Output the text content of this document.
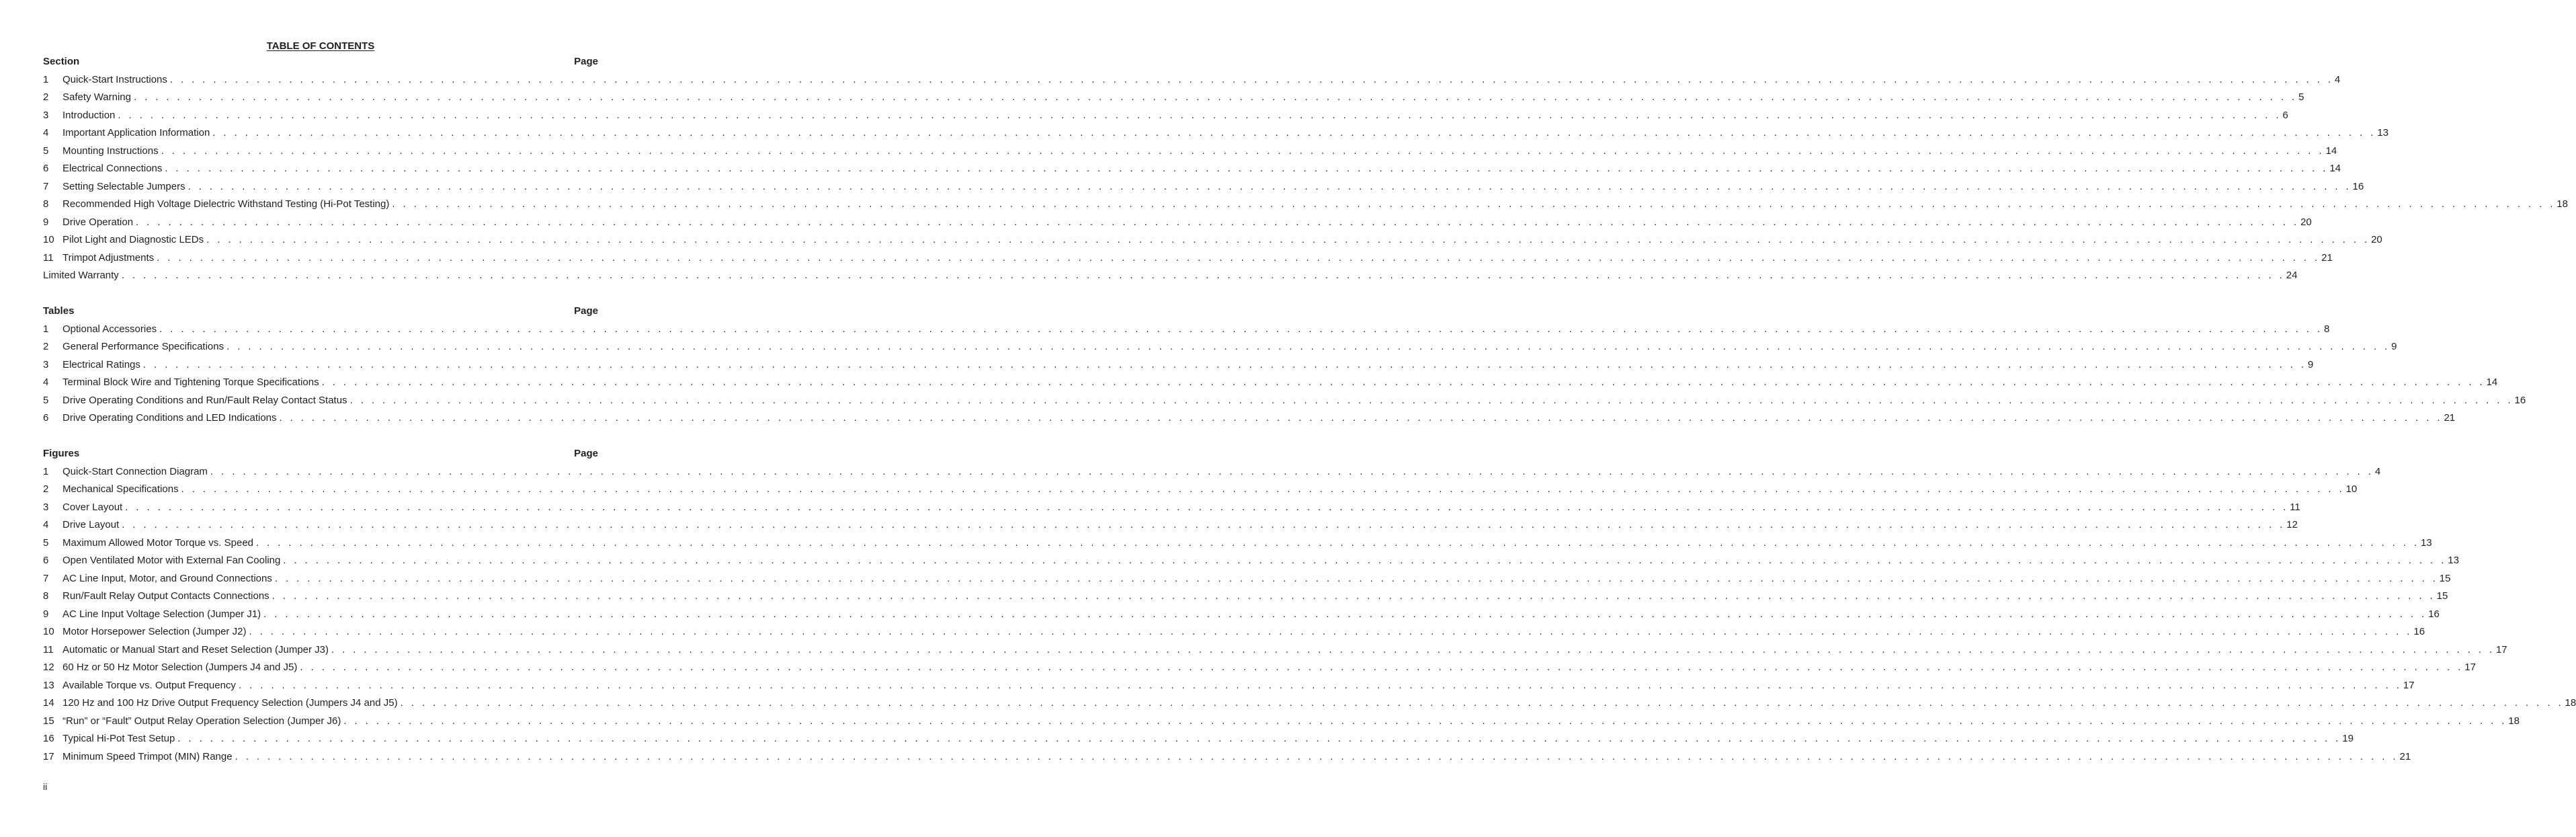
TABLE OF CONTENTS
Section	Page
1	Quick-Start Instructions . . . . . . . . . . . . . . . . . . . . . . . . . . . . . . . . . . . . . . . . . . . . . . . . . . . . . . . . . . . . . . . . . . . . . . . . . . . . . . . . . . . . . . . . . . . . . . . . . . . . . . . . . . . . . . . . . . . . . . . . . . . . . . . . . . . . . . . . . . . . . . . . . . . . . . . . . . . . . . . . . . . . . . . . . . . . . . . . . . . . . . . . . . . . . . . . . . . . . . . . 4
2	Safety Warning . . . . . . . . . . . . . . . . . . . . . . . . . . . . . . . . . . . . . . . . . . . . . . . . . . . . . . . . . . . . . . . . . . . . . . . . . . . . . . . . . . . . . . . . . . . . . . . . . . . . . . . . . . . . . . . . . . . . . . . . . . . . . . . . . . . . . . . . . . . . . . . . . . . . . . . . . . . . . . . . . . . . . . . . . . . . . . . . . . . . . . . . . . . . . . . . . . . . . . . . 5
3	Introduction . . . . . . . . . . . . . . . . . . . . . . . . . . . . . . . . . . . . . . . . . . . . . . . . . . . . . . . . . . . . . . . . . . . . . . . . . . . . . . . . . . . . . . . . . . . . . . . . . . . . . . . . . . . . . . . . . . . . . . . . . . . . . . . . . . . . . . . . . . . . . . . . . . . . . . . . . . . . . . . . . . . . . . . . . . . . . . . . . . . . . . . . . . . . . . . . . . . . . . . . 6
4	Important Application Information . . . . . . . . . . . . . . . . . . . . . . . . . . . . . . . . . . . . . . . . . . . . . . . . . . . . . . . . . . . . . . . . . . . . . . . . . . . . . . . . . . . . . . . . . . . . . . . . . . . . . . . . . . . . . . . . . . . . . . . . . . . . . . . . . . . . . . . . . . . . . . . . . . . . . . . . . . . . . . . . . . . . . . . . . . . . . . . . . . . . . . . . . . . . . . . . . . . . . . . . 13
5	Mounting Instructions . . . . . . . . . . . . . . . . . . . . . . . . . . . . . . . . . . . . . . . . . . . . . . . . . . . . . . . . . . . . . . . . . . . . . . . . . . . . . . . . . . . . . . . . . . . . . . . . . . . . . . . . . . . . . . . . . . . . . . . . . . . . . . . . . . . . . . . . . . . . . . . . . . . . . . . . . . . . . . . . . . . . . . . . . . . . . . . . . . . . . . . . . . . . . . . . . . . . . . . . 14
6	Electrical Connections . . . . . . . . . . . . . . . . . . . . . . . . . . . . . . . . . . . . . . . . . . . . . . . . . . . . . . . . . . . . . . . . . . . . . . . . . . . . . . . . . . . . . . . . . . . . . . . . . . . . . . . . . . . . . . . . . . . . . . . . . . . . . . . . . . . . . . . . . . . . . . . . . . . . . . . . . . . . . . . . . . . . . . . . . . . . . . . . . . . . . . . . . . . . . . . . . . . . . . . . 14
7	Setting Selectable Jumpers . . . . . . . . . . . . . . . . . . . . . . . . . . . . . . . . . . . . . . . . . . . . . . . . . . . . . . . . . . . . . . . . . . . . . . . . . . . . . . . . . . . . . . . . . . . . . . . . . . . . . . . . . . . . . . . . . . . . . . . . . . . . . . . . . . . . . . . . . . . . . . . . . . . . . . . . . . . . . . . . . . . . . . . . . . . . . . . . . . . . . . . . . . . . . . . . . . . . . . . . 16
8	Recommended High Voltage Dielectric Withstand Testing (Hi-Pot Testing) . . . . . . . . . . . . . . . . . . . . . . . . . . . . . . . . . . . . . . . . . . . . . . . . . . . . . . . . . . . . . . . . . . . . . . . . . . . . . . . . . . . . . . . . . . . . . . . . . . . . . . . . . . . . . . . . . . . . . . . . . . . . . . . . . . . . . . . . . . . . . . . . . . . . . . . . . . . . . . . . . . . . . . . . . . . . . . . . . . . . . . . . . . . . . . . . . . . . . . . . 18
9	Drive Operation . . . . . . . . . . . . . . . . . . . . . . . . . . . . . . . . . . . . . . . . . . . . . . . . . . . . . . . . . . . . . . . . . . . . . . . . . . . . . . . . . . . . . . . . . . . . . . . . . . . . . . . . . . . . . . . . . . . . . . . . . . . . . . . . . . . . . . . . . . . . . . . . . . . . . . . . . . . . . . . . . . . . . . . . . . . . . . . . . . . . . . . . . . . . . . . . . . . . . . . . 20
10 Pilot Light and Diagnostic LEDs . . . . . . . . . . . . . . . . . . . . . . . . . . . . . . . . . . . . . . . . . . . . . . . . . . . . . . . . . . . . . . . . . . . . . . . . . . . . . . . . . . . . . . . . . . . . . . . . . . . . . . . . . . . . . . . . . . . . . . . . . . . . . . . . . . . . . . . . . . . . . . . . . . . . . . . . . . . . . . . . . . . . . . . . . . . . . . . . . . . . . . . . . . . . . . . . . . . . . . . . 20
11 Trimpot Adjustments . . . . . . . . . . . . . . . . . . . . . . . . . . . . . . . . . . . . . . . . . . . . . . . . . . . . . . . . . . . . . . . . . . . . . . . . . . . . . . . . . . . . . . . . . . . . . . . . . . . . . . . . . . . . . . . . . . . . . . . . . . . . . . . . . . . . . . . . . . . . . . . . . . . . . . . . . . . . . . . . . . . . . . . . . . . . . . . . . . . . . . . . . . . . . . . . . . . . . . . . 21
Limited Warranty . . . . . . . . . . . . . . . . . . . . . . . . . . . . . . . . . . . . . . . . . . . . . . . . . . . . . . . . . . . . . . . . . . . . . . . . . . . . . . . . . . . . . . . . . . . . . . . . . . . . . . . . . . . . . . . . . . . . . . . . . . . . . . . . . . . . . . . . . . . . . . . . . . . . . . . . . . . . . . . . . . . . . . . . . . . . . . . . . . . . . . . . . . . . . . . . . . . . . . . . 24
Tables	Page
1	Optional Accessories . . . . . . . . . . . . . . . . . . . . . . . . . . . . . . . . . . . . . . . . . . . . . . . . . . . . . . . . . . . . . . . . . . . . . . . . . . . . . . . . . . . . . . . . . . . . . . . . . . . . . . . . . . . . . . . . . . . . . . . . . . . . . . . . . . . . . . . . . . . . . . . . . . . . . . . . . . . . . . . . . . . . . . . . . . . . . . . . . . . . . . . . . . . . . . . . . . . . . . . . 8
2	General Performance Specifications . . . . . . . . . . . . . . . . . . . . . . . . . . . . . . . . . . . . . . . . . . . . . . . . . . . . . . . . . . . . . . . . . . . . . . . . . . . . . . . . . . . . . . . . . . . . . . . . . . . . . . . . . . . . . . . . . . . . . . . . . . . . . . . . . . . . . . . . . . . . . . . . . . . . . . . . . . . . . . . . . . . . . . . . . . . . . . . . . . . . . . . . . . . . . . . . . . . . . . . . 9
3	Electrical Ratings . . . . . . . . . . . . . . . . . . . . . . . . . . . . . . . . . . . . . . . . . . . . . . . . . . . . . . . . . . . . . . . . . . . . . . . . . . . . . . . . . . . . . . . . . . . . . . . . . . . . . . . . . . . . . . . . . . . . . . . . . . . . . . . . . . . . . . . . . . . . . . . . . . . . . . . . . . . . . . . . . . . . . . . . . . . . . . . . . . . . . . . . . . . . . . . . . . . . . . . . 9
4	Terminal Block Wire and Tightening Torque Specifications . . . . . . . . . . . . . . . . . . . . . . . . . . . . . . . . . . . . . . . . . . . . . . . . . . . . . . . . . . . . . . . . . . . . . . . . . . . . . . . . . . . . . . . . . . . . . . . . . . . . . . . . . . . . . . . . . . . . . . . . . . . . . . . . . . . . . . . . . . . . . . . . . . . . . . . . . . . . . . . . . . . . . . . . . . . . . . . . . . . . . . . . . . . . . . . . . . . . . . . . 14
5	Drive Operating Conditions and Run/Fault Relay Contact Status . . . . . . . . . . . . . . . . . . . . . . . . . . . . . . . . . . . . . . . . . . . . . . . . . . . . . . . . . . . . . . . . . . . . . . . . . . . . . . . . . . . . . . . . . . . . . . . . . . . . . . . . . . . . . . . . . . . . . . . . . . . . . . . . . . . . . . . . . . . . . . . . . . . . . . . . . . . . . . . . . . . . . . . . . . . . . . . . . . . . . . . . . . . . . . . . . . . . . . . . 16
6	Drive Operating Conditions and LED Indications . . . . . . . . . . . . . . . . . . . . . . . . . . . . . . . . . . . . . . . . . . . . . . . . . . . . . . . . . . . . . . . . . . . . . . . . . . . . . . . . . . . . . . . . . . . . . . . . . . . . . . . . . . . . . . . . . . . . . . . . . . . . . . . . . . . . . . . . . . . . . . . . . . . . . . . . . . . . . . . . . . . . . . . . . . . . . . . . . . . . . . . . . . . . . . . . . . . . . . . . 21
Figures	Page
1	Quick-Start Connection Diagram . . . . . . . . . . . . . . . . . . . . . . . . . . . . . . . . . . . . . . . . . . . . . . . . . . . . . . . . . . . . . . . . . . . . . . . . . . . . . . . . . . . . . . . . . . . . . . . . . . . . . . . . . . . . . . . . . . . . . . . . . . . . . . . . . . . . . . . . . . . . . . . . . . . . . . . . . . . . . . . . . . . . . . . . . . . . . . . . . . . . . . . . . . . . . . . . . . . . . . . . 4
2	Mechanical Specifications . . . . . . . . . . . . . . . . . . . . . . . . . . . . . . . . . . . . . . . . . . . . . . . . . . . . . . . . . . . . . . . . . . . . . . . . . . . . . . . . . . . . . . . . . . . . . . . . . . . . . . . . . . . . . . . . . . . . . . . . . . . . . . . . . . . . . . . . . . . . . . . . . . . . . . . . . . . . . . . . . . . . . . . . . . . . . . . . . . . . . . . . . . . . . . . . . . . . . . . . 10
3	Cover Layout . . . . . . . . . . . . . . . . . . . . . . . . . . . . . . . . . . . . . . . . . . . . . . . . . . . . . . . . . . . . . . . . . . . . . . . . . . . . . . . . . . . . . . . . . . . . . . . . . . . . . . . . . . . . . . . . . . . . . . . . . . . . . . . . . . . . . . . . . . . . . . . . . . . . . . . . . . . . . . . . . . . . . . . . . . . . . . . . . . . . . . . . . . . . . . . . . . . . . . . . 11
4	Drive Layout . . . . . . . . . . . . . . . . . . . . . . . . . . . . . . . . . . . . . . . . . . . . . . . . . . . . . . . . . . . . . . . . . . . . . . . . . . . . . . . . . . . . . . . . . . . . . . . . . . . . . . . . . . . . . . . . . . . . . . . . . . . . . . . . . . . . . . . . . . . . . . . . . . . . . . . . . . . . . . . . . . . . . . . . . . . . . . . . . . . . . . . . . . . . . . . . . . . . . . . . 12
5	Maximum Allowed Motor Torque vs. Speed . . . . . . . . . . . . . . . . . . . . . . . . . . . . . . . . . . . . . . . . . . . . . . . . . . . . . . . . . . . . . . . . . . . . . . . . . . . . . . . . . . . . . . . . . . . . . . . . . . . . . . . . . . . . . . . . . . . . . . . . . . . . . . . . . . . . . . . . . . . . . . . . . . . . . . . . . . . . . . . . . . . . . . . . . . . . . . . . . . . . . . . . . . . . . . . . . . . . . . . . 13
6	Open Ventilated Motor with External Fan Cooling . . . . . . . . . . . . . . . . . . . . . . . . . . . . . . . . . . . . . . . . . . . . . . . . . . . . . . . . . . . . . . . . . . . . . . . . . . . . . . . . . . . . . . . . . . . . . . . . . . . . . . . . . . . . . . . . . . . . . . . . . . . . . . . . . . . . . . . . . . . . . . . . . . . . . . . . . . . . . . . . . . . . . . . . . . . . . . . . . . . . . . . . . . . . . . . . . . . . . . . . 13
7	AC Line Input, Motor, and Ground Connections . . . . . . . . . . . . . . . . . . . . . . . . . . . . . . . . . . . . . . . . . . . . . . . . . . . . . . . . . . . . . . . . . . . . . . . . . . . . . . . . . . . . . . . . . . . . . . . . . . . . . . . . . . . . . . . . . . . . . . . . . . . . . . . . . . . . . . . . . . . . . . . . . . . . . . . . . . . . . . . . . . . . . . . . . . . . . . . . . . . . . . . . . . . . . . . . . . . . . . . . 15
8	Run/Fault Relay Output Contacts Connections . . . . . . . . . . . . . . . . . . . . . . . . . . . . . . . . . . . . . . . . . . . . . . . . . . . . . . . . . . . . . . . . . . . . . . . . . . . . . . . . . . . . . . . . . . . . . . . . . . . . . . . . . . . . . . . . . . . . . . . . . . . . . . . . . . . . . . . . . . . . . . . . . . . . . . . . . . . . . . . . . . . . . . . . . . . . . . . . . . . . . . . . . . . . . . . . . . . . . . . . 15
9	AC Line Input Voltage Selection (Jumper J1) . . . . . . . . . . . . . . . . . . . . . . . . . . . . . . . . . . . . . . . . . . . . . . . . . . . . . . . . . . . . . . . . . . . . . . . . . . . . . . . . . . . . . . . . . . . . . . . . . . . . . . . . . . . . . . . . . . . . . . . . . . . . . . . . . . . . . . . . . . . . . . . . . . . . . . . . . . . . . . . . . . . . . . . . . . . . . . . . . . . . . . . . . . . . . . . . . . . . . . . . 16
10 Motor Horsepower Selection (Jumper J2) . . . . . . . . . . . . . . . . . . . . . . . . . . . . . . . . . . . . . . . . . . . . . . . . . . . . . . . . . . . . . . . . . . . . . . . . . . . . . . . . . . . . . . . . . . . . . . . . . . . . . . . . . . . . . . . . . . . . . . . . . . . . . . . . . . . . . . . . . . . . . . . . . . . . . . . . . . . . . . . . . . . . . . . . . . . . . . . . . . . . . . . . . . . . . . . . . . . . . . . . 16
11 Automatic or Manual Start and Reset Selection (Jumper J3) . . . . . . . . . . . . . . . . . . . . . . . . . . . . . . . . . . . . . . . . . . . . . . . . . . . . . . . . . . . . . . . . . . . . . . . . . . . . . . . . . . . . . . . . . . . . . . . . . . . . . . . . . . . . . . . . . . . . . . . . . . . . . . . . . . . . . . . . . . . . . . . . . . . . . . . . . . . . . . . . . . . . . . . . . . . . . . . . . . . . . . . . . . . . . . . . . . . . . . . . 17
12 60 Hz or 50 Hz Motor Selection (Jumpers J4 and J5) . . . . . . . . . . . . . . . . . . . . . . . . . . . . . . . . . . . . . . . . . . . . . . . . . . . . . . . . . . . . . . . . . . . . . . . . . . . . . . . . . . . . . . . . . . . . . . . . . . . . . . . . . . . . . . . . . . . . . . . . . . . . . . . . . . . . . . . . . . . . . . . . . . . . . . . . . . . . . . . . . . . . . . . . . . . . . . . . . . . . . . . . . . . . . . . . . . . . . . . . 17
13 Available Torque vs. Output Frequency . . . . . . . . . . . . . . . . . . . . . . . . . . . . . . . . . . . . . . . . . . . . . . . . . . . . . . . . . . . . . . . . . . . . . . . . . . . . . . . . . . . . . . . . . . . . . . . . . . . . . . . . . . . . . . . . . . . . . . . . . . . . . . . . . . . . . . . . . . . . . . . . . . . . . . . . . . . . . . . . . . . . . . . . . . . . . . . . . . . . . . . . . . . . . . . . . . . . . . . . 17
14 120 Hz and 100 Hz Drive Output Frequency Selection (Jumpers J4 and J5) . . . . . . . . . . . . . . . . . . . . . . . . . . . . . . . . . . . . . . . . . . . . . . . . . . . . . . . . . . . . . . . . . . . . . . . . . . . . . . . . . . . . . . . . . . . . . . . . . . . . . . . . . . . . . . . . . . . . . . . . . . . . . . . . . . . . . . . . . . . . . . . . . . . . . . . . . . . . . . . . . . . . . . . . . . . . . . . . . . . . . . . . . . . . . . . . . . . . . . . . 18
15 “Run” or “Fault” Output Relay Operation Selection (Jumper J6) . . . . . . . . . . . . . . . . . . . . . . . . . . . . . . . . . . . . . . . . . . . . . . . . . . . . . . . . . . . . . . . . . . . . . . . . . . . . . . . . . . . . . . . . . . . . . . . . . . . . . . . . . . . . . . . . . . . . . . . . . . . . . . . . . . . . . . . . . . . . . . . . . . . . . . . . . . . . . . . . . . . . . . . . . . . . . . . . . . . . . . . . . . . . . . . . . . . . . . . . 18
16 Typical Hi-Pot Test Setup . . . . . . . . . . . . . . . . . . . . . . . . . . . . . . . . . . . . . . . . . . . . . . . . . . . . . . . . . . . . . . . . . . . . . . . . . . . . . . . . . . . . . . . . . . . . . . . . . . . . . . . . . . . . . . . . . . . . . . . . . . . . . . . . . . . . . . . . . . . . . . . . . . . . . . . . . . . . . . . . . . . . . . . . . . . . . . . . . . . . . . . . . . . . . . . . . . . . . . . . 19
17 Minimum Speed Trimpot (MIN) Range . . . . . . . . . . . . . . . . . . . . . . . . . . . . . . . . . . . . . . . . . . . . . . . . . . . . . . . . . . . . . . . . . . . . . . . . . . . . . . . . . . . . . . . . . . . . . . . . . . . . . . . . . . . . . . . . . . . . . . . . . . . . . . . . . . . . . . . . . . . . . . . . . . . . . . . . . . . . . . . . . . . . . . . . . . . . . . . . . . . . . . . . . . . . . . . . . . . . . . . . 21
ii
